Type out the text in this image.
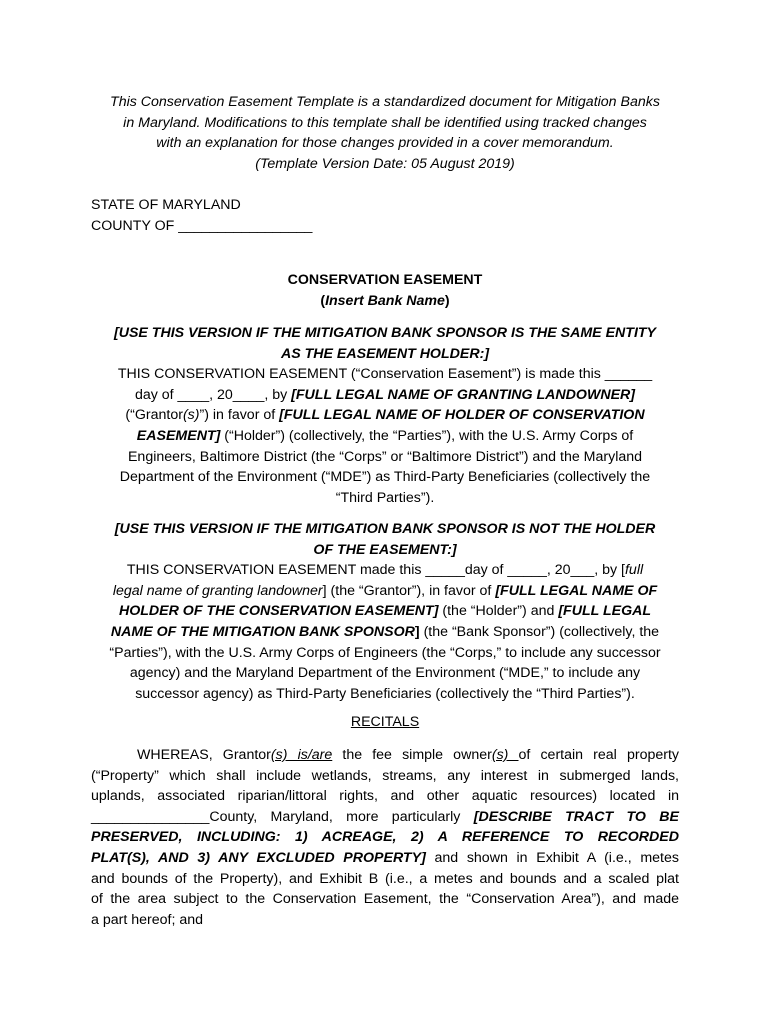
This Conservation Easement Template is a standardized document for Mitigation Banks
in Maryland. Modifications to this template shall be identified using tracked changes
with an explanation for those changes provided in a cover memorandum.
(Template Version Date: 05 August 2019)
STATE OF MARYLAND
COUNTY OF _________________
CONSERVATION EASEMENT
(Insert Bank Name)
[USE THIS VERSION IF THE MITIGATION BANK SPONSOR IS THE SAME ENTITY
AS THE EASEMENT HOLDER:]
THIS CONSERVATION EASEMENT (“Conservation Easement”) is made this ______
day of ____, 20____, by [FULL LEGAL NAME OF GRANTING LANDOWNER]
(“Grantor(s)”) in favor of [FULL LEGAL NAME OF HOLDER OF CONSERVATION
EASEMENT] (“Holder”) (collectively, the “Parties”), with the U.S. Army Corps of
Engineers, Baltimore District (the “Corps” or “Baltimore District”) and the Maryland
Department of the Environment (“MDE”) as Third-Party Beneficiaries (collectively the
“Third Parties”).
[USE THIS VERSION IF THE MITIGATION BANK SPONSOR IS NOT THE HOLDER
OF THE EASEMENT:]
THIS CONSERVATION EASEMENT made this _____day of _____, 20___, by [full
legal name of granting landowner] (the “Grantor”), in favor of [FULL LEGAL NAME OF
HOLDER OF THE CONSERVATION EASEMENT] (the “Holder”) and [FULL LEGAL
NAME OF THE MITIGATION BANK SPONSOR] (the “Bank Sponsor”) (collectively, the
“Parties”), with the U.S. Army Corps of Engineers (the “Corps,” to include any successor
agency) and the Maryland Department of the Environment (“MDE,” to include any
successor agency) as Third-Party Beneficiaries (collectively the “Third Parties”).
RECITALS
WHEREAS, Grantor(s) is/are the fee simple owner(s) of certain real property
(“Property” which shall include wetlands, streams, any interest in submerged lands,
uplands, associated riparian/littoral rights, and other aquatic resources) located in
_______________County, Maryland, more particularly [DESCRIBE TRACT TO BE
PRESERVED, INCLUDING: 1) ACREAGE, 2) A REFERENCE TO RECORDED
PLAT(S), AND 3) ANY EXCLUDED PROPERTY] and shown in Exhibit A (i.e., metes
and bounds of the Property), and Exhibit B (i.e., a metes and bounds and a scaled plat
of the area subject to the Conservation Easement, the “Conservation Area”), and made
a part hereof; and
